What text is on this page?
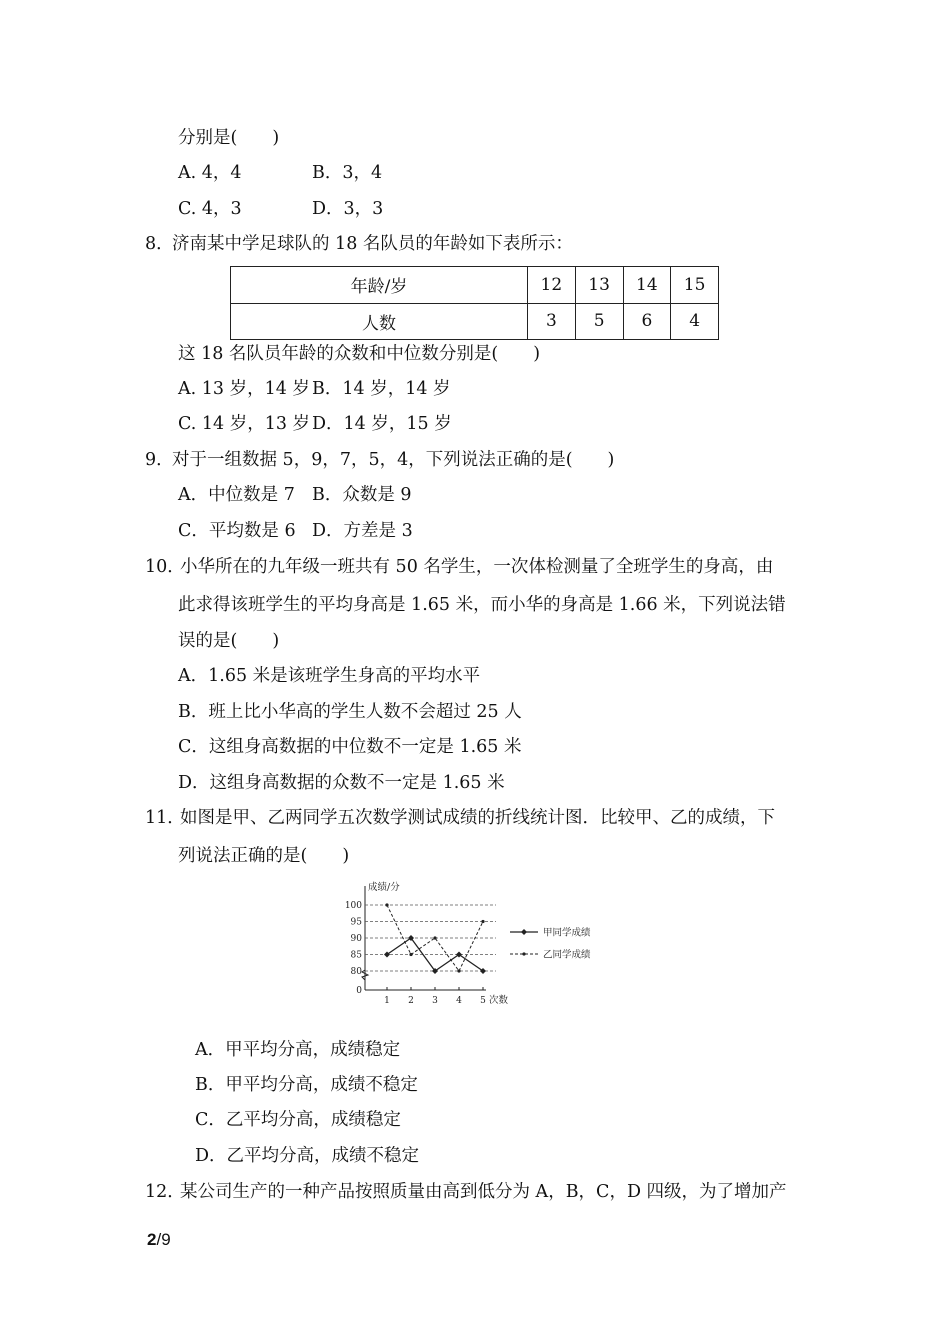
分别是(　　)
A. 4，4	B．3，4
C. 4，3	D．3，3
8．
济南某中学足球队的 18 名队员的年龄如下表所示：
年龄/岁	12	13	14	15
人数	3	5	6	4
这 18 名队员年龄的众数和中位数分别是(　　)
A. 13 岁，14 岁 B．14 岁，14 岁
C. 14 岁，13 岁 D．14 岁，15 岁
9．
对于一组数据 5，9，7，5，4，下列说法正确的是(　　)
A．中位数是 7 B．众数是 9
C．平均数是 6 D．方差是 3
10．
小华所在的九年级一班共有 50 名学生，一次体检测量了全班学生的身高，由
此求得该班学生的平均身高是 1.65 米，而小华的身高是 1.66 米，下列说法错
误的是(　　)
A．1.65 米是该班学生身高的平均水平
B．班上比小华高的学生人数不会超过 25 人
C．这组身高数据的中位数不一定是 1.65 米
D．这组身高数据的众数不一定是 1.65 米
11．
如图是甲、乙两同学五次数学测试成绩的折线统计图．比较甲、乙的成绩，下
列说法正确的是(　　)
成绩/分
次数
0
80
85
90
95
100
1 2 3 4 5
甲同学成绩
乙同学成绩
A．甲平均分高，成绩稳定
B．甲平均分高，成绩不稳定
C．乙平均分高，成绩稳定
D．乙平均分高，成绩不稳定
12．
某公司生产的一种产品按照质量由高到低分为 A，B，C，D 四级，为了增加产
2/9
